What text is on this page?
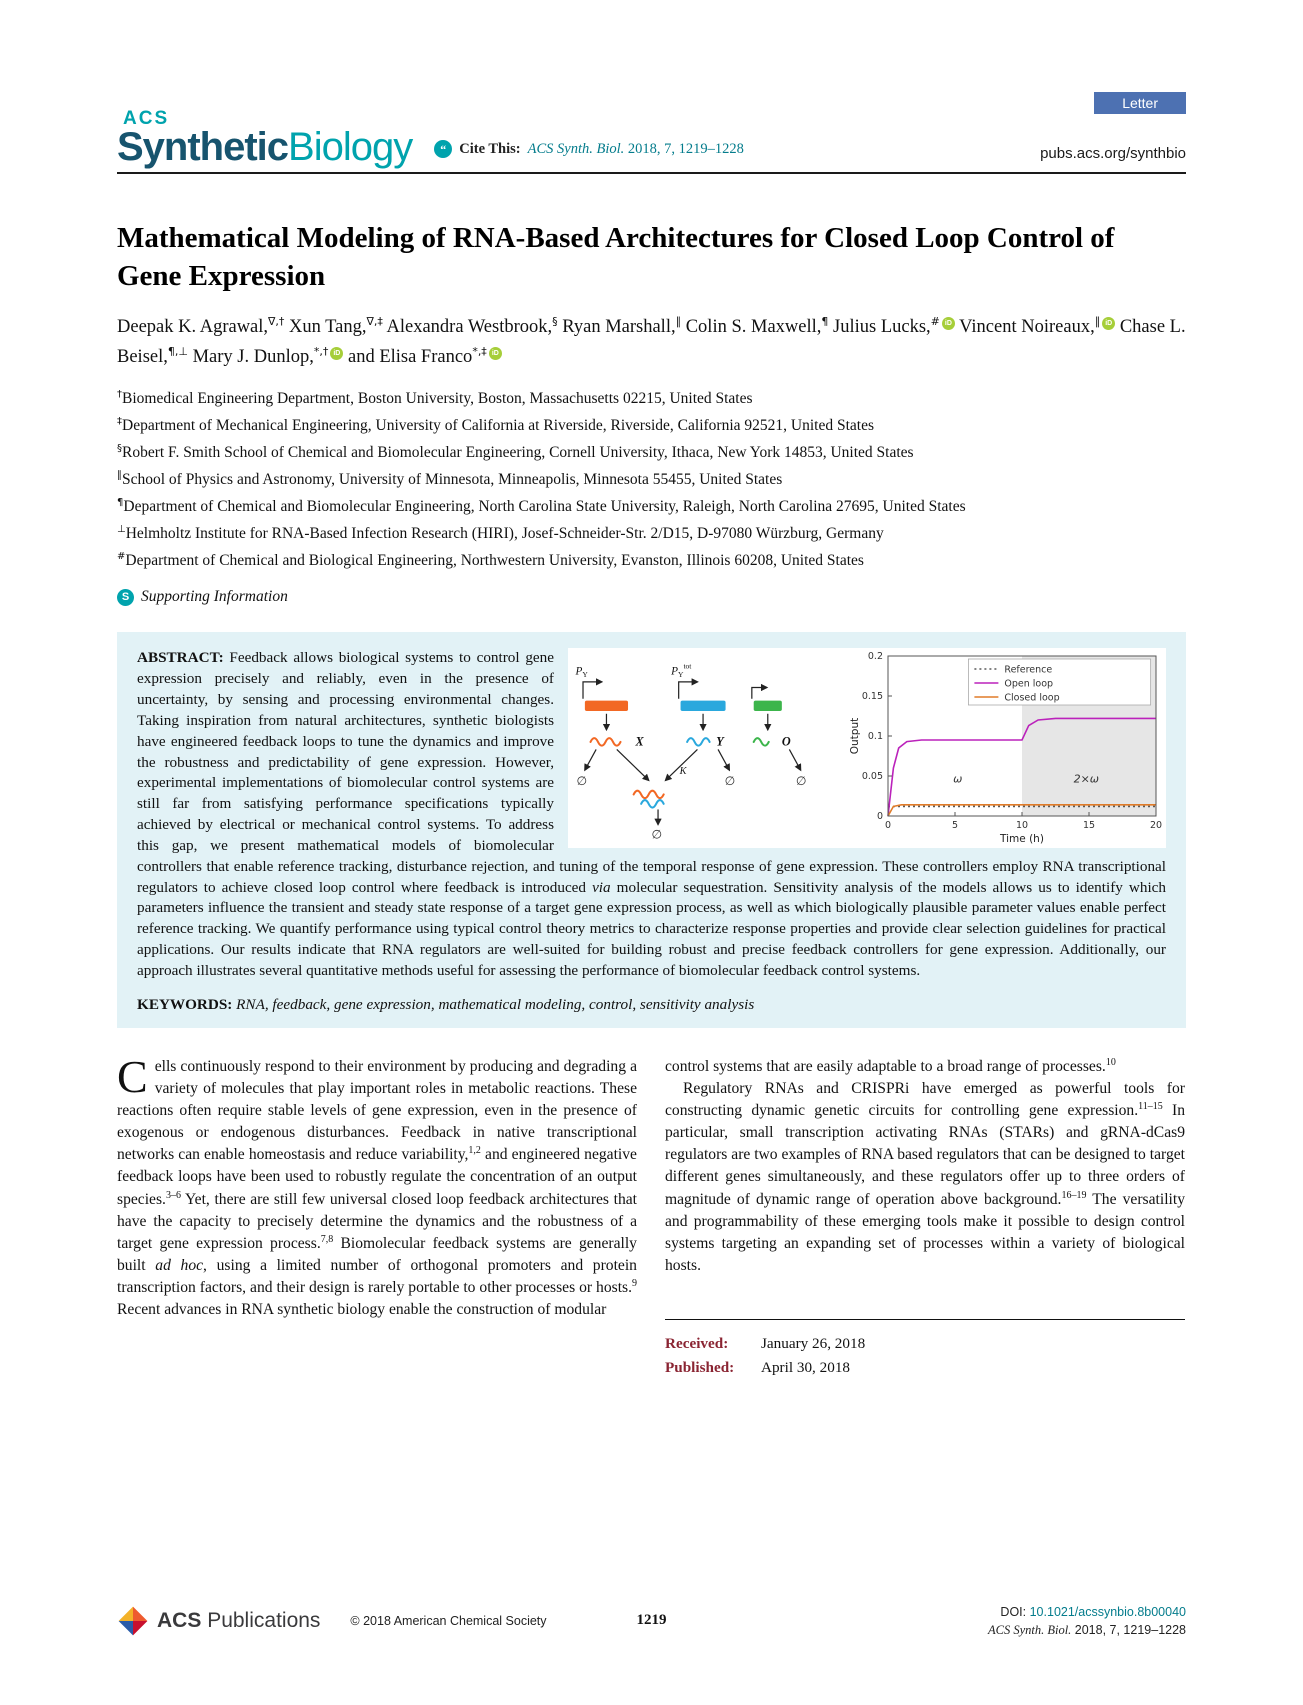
ACS
SyntheticBiology	“ Cite This: ACS Synth. Biol. 2018, 7, 1219–1228
Letter
pubs.acs.org/synthbio
Mathematical Modeling of RNA-Based Architectures for Closed Loop Control of Gene Expression
Deepak K. Agrawal,∇,† Xun Tang,∇,‡ Alexandra Westbrook,§ Ryan Marshall,∥ Colin S. Maxwell,¶ Julius Lucks,# iD Vincent Noireaux,∥ iD Chase L. Beisel,¶,⊥ Mary J. Dunlop,*,† iD and Elisa Franco*,‡ iD
†Biomedical Engineering Department, Boston University, Boston, Massachusetts 02215, United States
‡Department of Mechanical Engineering, University of California at Riverside, Riverside, California 92521, United States
§Robert F. Smith School of Chemical and Biomolecular Engineering, Cornell University, Ithaca, New York 14853, United States
∥School of Physics and Astronomy, University of Minnesota, Minneapolis, Minnesota 55455, United States
¶Department of Chemical and Biomolecular Engineering, North Carolina State University, Raleigh, North Carolina 27695, United States
⊥Helmholtz Institute for RNA-Based Infection Research (HIRI), Josef-Schneider-Str. 2/D15, D-97080 Würzburg, Germany
#Department of Chemical and Biological Engineering, Northwestern University, Evanston, Illinois 60208, United States
S Supporting Information
$P_Y$	$P_Y^{tot}$
X	Y	O
K
∅	∅	∅
∅
0	5	10	15	20
0
0.05
0.1
0.15
0.2
Time (h)
Output
Reference
Open loop
Closed loop
ω	2×ω

ABSTRACT: Feedback allows biological systems to control gene expression precisely and reliably, even in the presence of uncertainty, by sensing and processing environmental changes. Taking inspiration from natural architectures, synthetic biologists have engineered feedback loops to tune the dynamics and improve the robustness and predictability of gene expression. However, experimental implementations of biomolecular control systems are still far from satisfying performance specifications typically achieved by electrical or mechanical control systems. To address this gap, we present mathematical models of biomolecular controllers that enable reference tracking, disturbance rejection, and tuning of the temporal response of gene expression. These controllers employ RNA transcriptional regulators to achieve closed loop control where feedback is introduced via molecular sequestration. Sensitivity analysis of the models allows us to identify which parameters influence the transient and steady state response of a target gene expression process, as well as which biologically plausible parameter values enable perfect reference tracking. We quantify performance using typical control theory metrics to characterize response properties and provide clear selection guidelines for practical applications. Our results indicate that RNA regulators are well-suited for building robust and precise feedback controllers for gene expression. Additionally, our approach illustrates several quantitative methods useful for assessing the performance of biomolecular feedback control systems.

KEYWORDS: RNA, feedback, gene expression, mathematical modeling, control, sensitivity analysis

Cells continuously respond to their environment by producing and degrading a variety of molecules that play important roles in metabolic reactions. These reactions often require stable levels of gene expression, even in the presence of exogenous or endogenous disturbances. Feedback in native transcriptional networks can enable homeostasis and reduce variability,$^{1,2}$ and engineered negative feedback loops have been used to robustly regulate the concentration of an output species.$^{3-6}$ Yet, there are still few universal closed loop feedback architectures that have the capacity to precisely determine the dynamics and the robustness of a target gene expression process.$^{7,8}$ Biomolecular feedback systems are generally built ad hoc, using a limited number of orthogonal promoters and protein transcription factors, and their design is rarely portable to other processes or hosts.$^9$ Recent advances in RNA synthetic biology enable the construction of modular

control systems that are easily adaptable to a broad range of processes.$^{10}$

Regulatory RNAs and CRISPRi have emerged as powerful tools for constructing dynamic genetic circuits for controlling gene expression.$^{11-15}$ In particular, small transcription activating RNAs (STARs) and gRNA-dCas9 regulators are two examples of RNA based regulators that can be designed to target different genes simultaneously, and these regulators offer up to three orders of magnitude of dynamic range of operation above background.$^{16-19}$ The versatility and programmability of these emerging tools make it possible to design control systems targeting an expanding set of processes within a variety of biological hosts.

Received:	January 26, 2018
Published:	April 30, 2018
ACS Publications © 2018 American Chemical Society	1219
DOI: 10.1021/acssynbio.8b00040
ACS Synth. Biol. 2018, 7, 1219–1228
